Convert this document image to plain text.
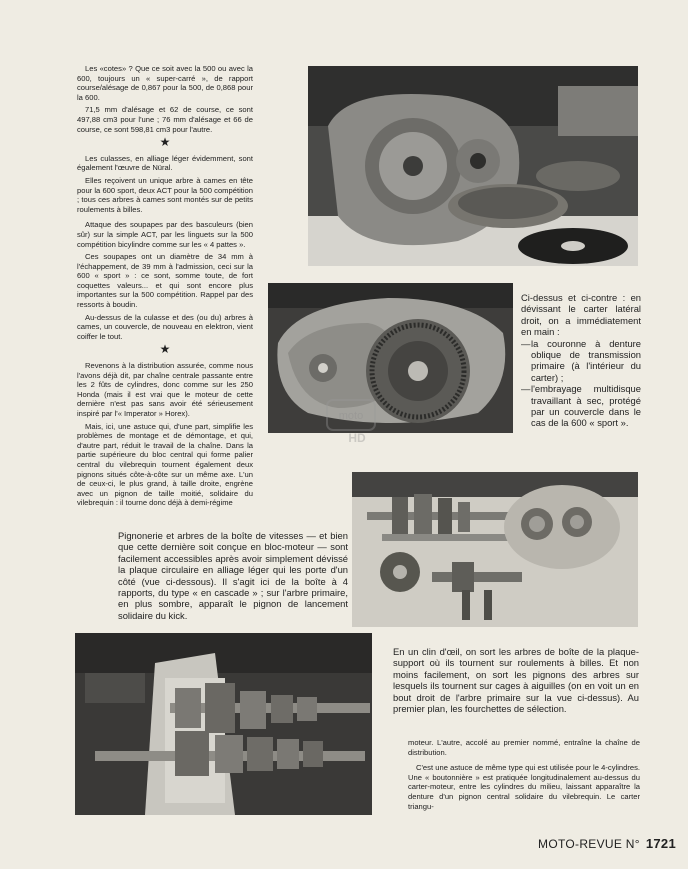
Les «cotes» ? Que ce soit avec la 500 ou avec la 600, toujours un « super-carré », de rapport course/alésage de 0,867 pour la 500, de 0,868 pour la 600.

71,5 mm d'alésage et 62 de course, ce sont 497,88 cm3 pour l'une ; 76 mm d'alésage et 66 de course, ce sont 598,81 cm3 pour l'autre.

★

Les culasses, en alliage léger évidemment, sont également l'œuvre de Nüral.

Elles reçoivent un unique arbre à cames en tête pour la 600 sport, deux ACT pour la 500 compétition ; tous ces arbres à cames sont montés sur de petits roulements à billes.

Attaque des soupapes par des basculeurs (bien sûr) sur la simple ACT, par les linguets sur la 500 compétition bicylindre comme sur les « 4 pattes ».

Ces soupapes ont un diamètre de 34 mm à l'échappement, de 39 mm à l'admission, ceci sur la 600 « sport » : ce sont, somme toute, de fort coquettes valeurs... et qui sont encore plus importantes sur la 500 compétition. Rappel par des ressorts à boudin.

Au-dessus de la culasse et des (ou du) arbres à cames, un couvercle, de nouveau en elektron, vient coiffer le tout.

★

Revenons à la distribution assurée, comme nous l'avons déjà dit, par chaîne centrale passante entre les 2 fûts de cylindres, donc comme sur les 250 Honda (mais il est vrai que le moteur de cette dernière n'est pas sans avoir été sérieusement inspiré par l'« Imperator » Horex).

Mais, ici, une astuce qui, d'une part, simplifie les problèmes de montage et de démontage, et qui, d'autre part, réduit le travail de la chaîne. Dans la partie supérieure du bloc central qui forme palier central du vilebrequin tournent également deux pignons situés côte-à-côte sur un même axe. L'un de ceux-ci, le plus grand, à taille droite, engrène avec un pignon de taille moitié, solidaire du vilebrequin : il tourne donc déjà à demi-régime

moto
HD
Ci-dessus et ci-contre : en dévissant le carter latéral droit, on a immédiatement en main :
— la couronne à denture oblique de transmission primaire (à l'intérieur du carter) ;
— l'embrayage multidisque travaillant à sec, protégé par un couvercle dans le cas de la 600 « sport ».
Pignonerie et arbres de la boîte de vitesses — et bien que cette dernière soit conçue en bloc-moteur — sont facilement accessibles après avoir simplement dévissé la plaque circulaire en alliage léger qui les porte d'un côté (vue ci-dessous). Il s'agit ici de la boîte à 4 rapports, du type « en cascade » ; sur l'arbre primaire, en plus sombre, apparaît le pignon de lancement solidaire du kick.
En un clin d'œil, on sort les arbres de boîte de la plaque-support où ils tournent sur roulements à billes. Et non moins facilement, on sort les pignons des arbres sur lesquels ils tournent sur cages à aiguilles (on en voit un en bout droit de l'arbre primaire sur la vue ci-dessus). Au premier plan, les fourchettes de sélection.

moteur. L'autre, accolé au premier nommé, entraîne la chaîne de distribution.

C'est une astuce de même type qui est utilisée pour le 4-cylindres. Une « boutonnière » est pratiquée longitudinalement au-dessus du carter-moteur, entre les cylindres du milieu, laissant apparaître la denture d'un pignon central solidaire du vilebrequin. Le carter triangu-

MOTO-REVUE N° 1721
